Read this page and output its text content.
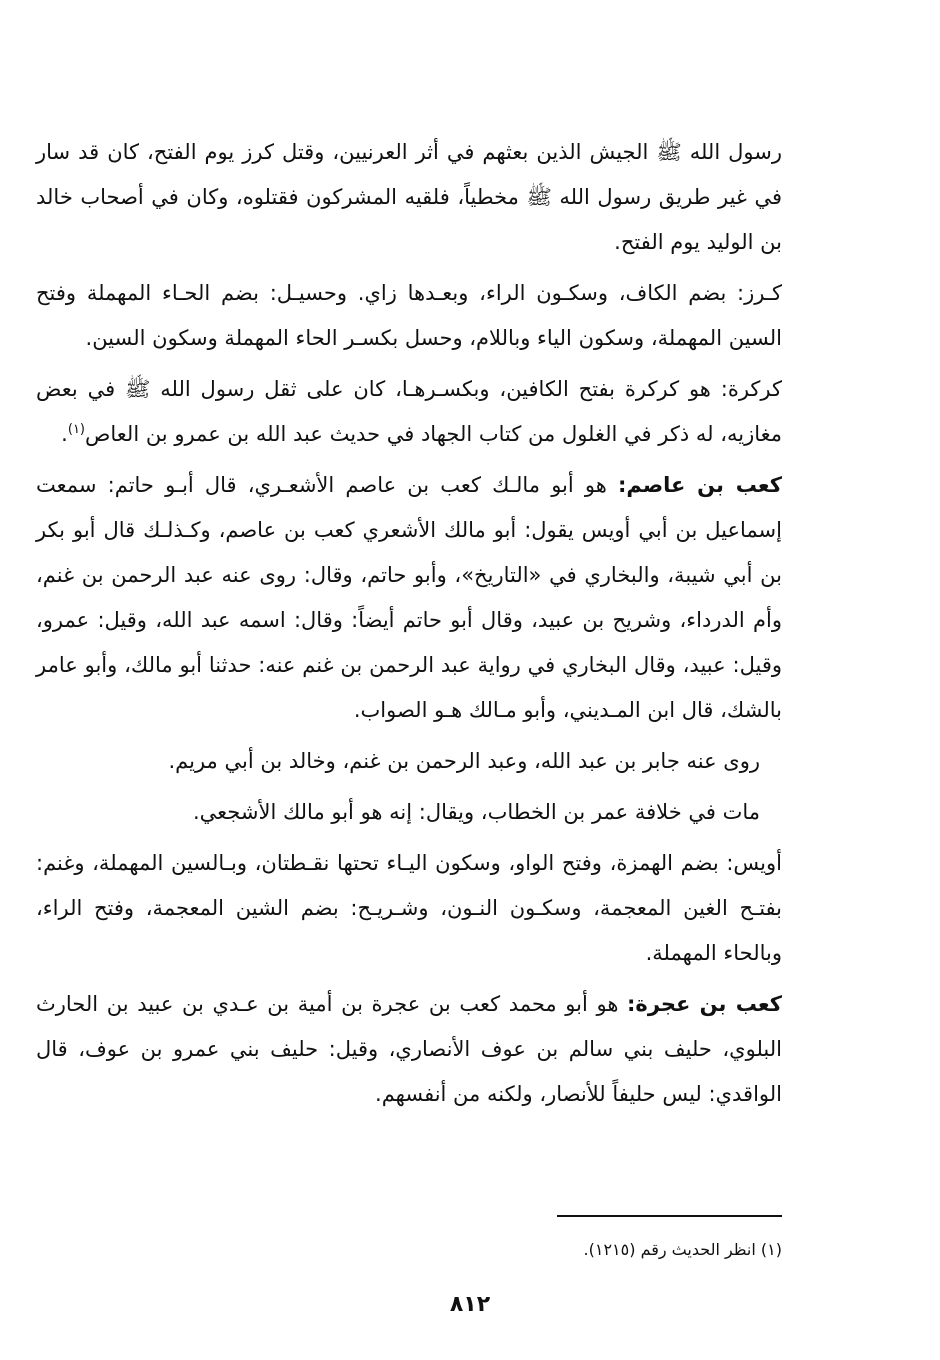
رسول الله ﷺ الجيش الذين بعثهم في أثر العرنيين، وقتل كرز يوم الفتح، كان قد سار في غير طريق رسول الله ﷺ مخطياً، فلقيه المشركون فقتلوه، وكان في أصحاب خالد بن الوليد يوم الفتح.

كـرز: بضم الكاف، وسكـون الراء، وبعـدها زاي. وحسيـل: بضم الحـاء المهملة وفتح السين المهملة، وسكون الياء وباللام، وحسل بكسـر الحاء المهملة وسكون السين.

كركرة: هو كركرة بفتح الكافين، وبكسـرهـا، كان على ثقل رسول الله ﷺ في بعض مغازيه، له ذكر في الغلول من كتاب الجهاد في حديث عبد الله بن عمرو بن العاص$^{(١)}$.

كعب بن عاصم: هو أبو مالـك كعب بن عاصم الأشعـري، قال أبـو حاتم: سمعت إسماعيل بن أبي أويس يقول: أبو مالك الأشعري كعب بن عاصم، وكـذلـك قال أبو بكر بن أبي شيبة، والبخاري في «التاريخ»، وأبو حاتم، وقال: روى عنه عبد الرحمن بن غنم، وأم الدرداء، وشريح بن عبيد، وقال أبو حاتم أيضاً: وقال: اسمه عبد الله، وقيل: عمرو، وقيل: عبيد، وقال البخاري في رواية عبد الرحمن بن غنم عنه: حدثنا أبو مالك، وأبو عامر بالشك، قال ابن المـديني، وأبو مـالك هـو الصواب.

روى عنه جابر بن عبد الله، وعبد الرحمن بن غنم، وخالد بن أبي مريم.

مات في خلافة عمر بن الخطاب، ويقال: إنه هو أبو مالك الأشجعي.

أويس: بضم الهمزة، وفتح الواو، وسكون اليـاء تحتها نقـطتان، وبـالسين المهملة، وغنم: بفتـح الغين المعجمة، وسكـون النـون، وشـريـح: بضم الشين المعجمة، وفتح الراء، وبالحاء المهملة.

كعب بن عجرة: هو أبو محمد كعب بن عجرة بن أمية بن عـدي بن عبيد بن الحارث البلوي، حليف بني سالم بن عوف الأنصاري، وقيل: حليف بني عمرو بن عوف، قال الواقدي: ليس حليفاً للأنصار، ولكنه من أنفسهم.

(١) انظر الحديث رقم (١٢١٥).
٨١٢
